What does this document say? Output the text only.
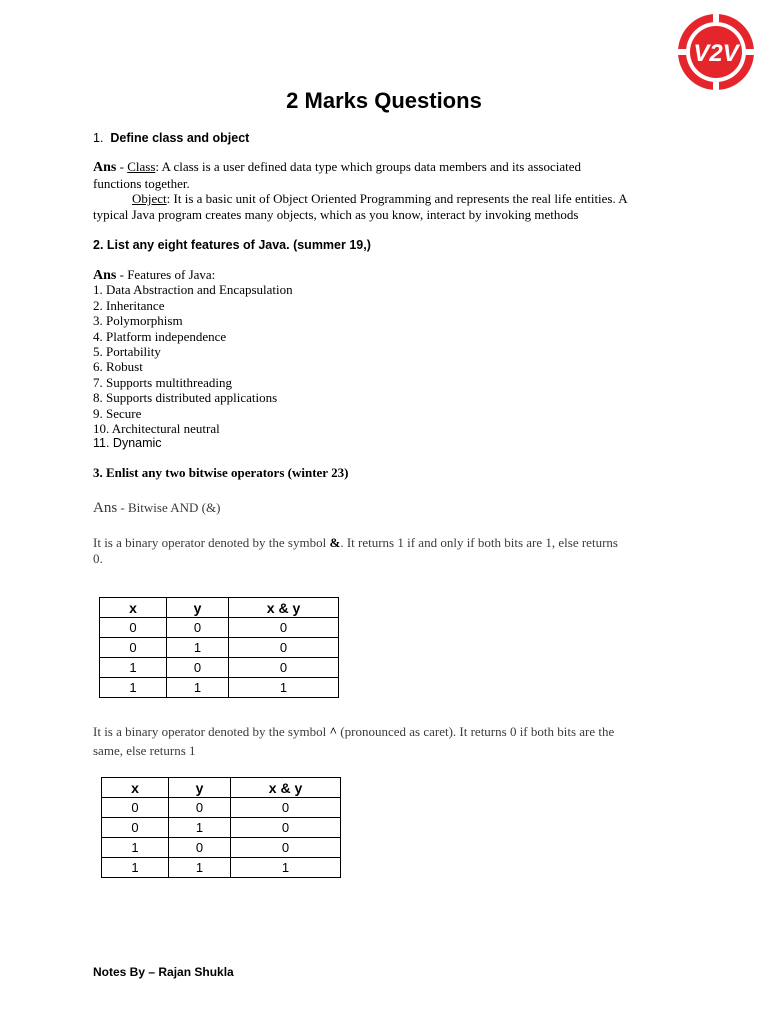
V2V
2 Marks Questions
1. Define class and object
Ans - Class: A class is a user defined data type which groups data members and its associated
functions together.
Object: It is a basic unit of Object Oriented Programming and represents the real life entities. A
typical Java program creates many objects, which as you know, interact by invoking methods
2. List any eight features of Java. (summer 19,)
Ans - Features of Java:
1. Data Abstraction and Encapsulation
2. Inheritance
3. Polymorphism
4. Platform independence
5. Portability
6. Robust
7. Supports multithreading
8. Supports distributed applications
9. Secure
10. Architectural neutral
11. Dynamic
3. Enlist any two bitwise operators (winter 23)
Ans - Bitwise AND (&)
It is a binary operator denoted by the symbol &. It returns 1 if and only if both bits are 1, else returns
0.
x	y	x & y
0	0	0
0	1	0
1	0	0
1	1	1
It is a binary operator denoted by the symbol ^ (pronounced as caret). It returns 0 if both bits are the
same, else returns 1
x	y	x & y
0	0	0
0	1	0
1	0	0
1	1	1
Notes By – Rajan Shukla
